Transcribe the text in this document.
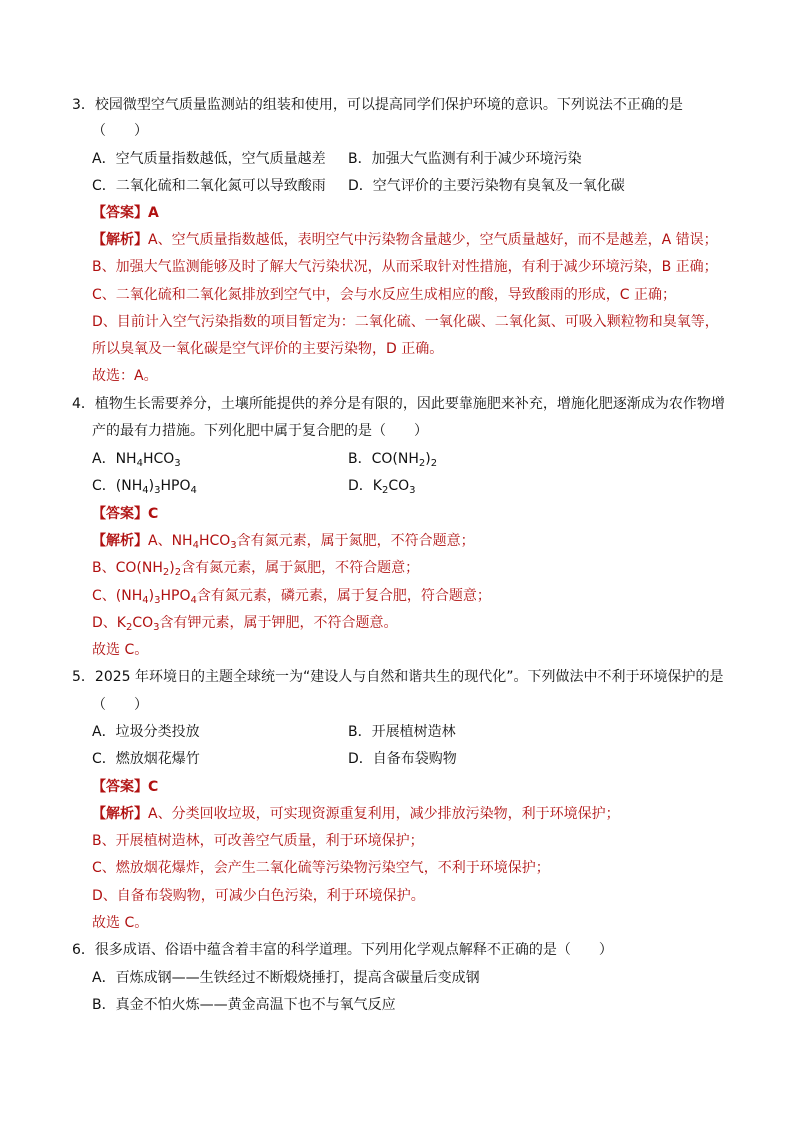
3．校园微型空气质量监测站的组装和使用，可以提高同学们保护环境的意识。下列说法不正确的是
（　　）
A．空气质量指数越低，空气质量越差 B．加强大气监测有利于减少环境污染
C．二氧化硫和二氧化氮可以导致酸雨 D．空气评价的主要污染物有臭氧及一氧化碳
【答案】A
【解析】A、空气质量指数越低，表明空气中污染物含量越少，空气质量越好，而不是越差，A 错误；
B、加强大气监测能够及时了解大气污染状况，从而采取针对性措施，有利于减少环境污染，B 正确；
C、二氧化硫和二氧化氮排放到空气中，会与水反应生成相应的酸，导致酸雨的形成，C 正确；
D、目前计入空气污染指数的项目暂定为：二氧化硫、一氧化碳、二氧化氮、可吸入颗粒物和臭氧等，
所以臭氧及一氧化碳是空气评价的主要污染物，D 正确。
故选：A。
4．植物生长需要养分，土壤所能提供的养分是有限的，因此要靠施肥来补充，增施化肥逐渐成为农作物增
产的最有力措施。下列化肥中属于复合肥的是（　　）
A．$NH_4HCO_3$	B．$CO(NH_2)_2$
C．$(NH_4)_3HPO_4$	D．$K_2CO_3$
【答案】C
【解析】A、$NH_4HCO_3$含有氮元素，属于氮肥，不符合题意；
B、$CO(NH_2)_2$含有氮元素，属于氮肥，不符合题意；
C、$(NH_4)_3HPO_4$含有氮元素，磷元素，属于复合肥，符合题意；
D、$K_2CO_3$含有钾元素，属于钾肥，不符合题意。
故选 C。
5．2025 年环境日的主题全球统一为“建设人与自然和谐共生的现代化”。下列做法中不利于环境保护的是
（　　）
A．垃圾分类投放	B．开展植树造林
C．燃放烟花爆竹	D．自备布袋购物
【答案】C
【解析】A、分类回收垃圾，可实现资源重复利用，减少排放污染物，利于环境保护；
B、开展植树造林，可改善空气质量，利于环境保护；
C、燃放烟花爆炸，会产生二氧化硫等污染物污染空气，不利于环境保护；
D、自备布袋购物，可减少白色污染，利于环境保护。
故选 C。
6．很多成语、俗语中蕴含着丰富的科学道理。下列用化学观点解释不正确的是（　　）
A．百炼成钢——生铁经过不断煅烧捶打，提高含碳量后变成钢
B．真金不怕火炼——黄金高温下也不与氧气反应
